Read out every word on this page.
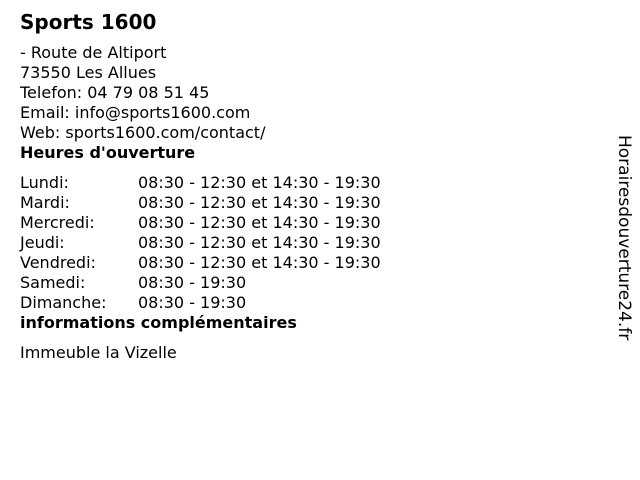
Sports 1600
- Route de Altiport
73550 Les Allues
Telefon: 04 79 08 51 45
Email: info@sports1600.com
Web: sports1600.com/contact/
Heures d'ouverture
Lundi:	08:30 - 12:30 et 14:30 - 19:30
Mardi:	08:30 - 12:30 et 14:30 - 19:30
Mercredi:	08:30 - 12:30 et 14:30 - 19:30
Jeudi:	08:30 - 12:30 et 14:30 - 19:30
Vendredi:	08:30 - 12:30 et 14:30 - 19:30
Samedi:	08:30 - 19:30
Dimanche:	08:30 - 19:30
informations complémentaires
Immeuble la Vizelle
Horairesdouverture24.fr
